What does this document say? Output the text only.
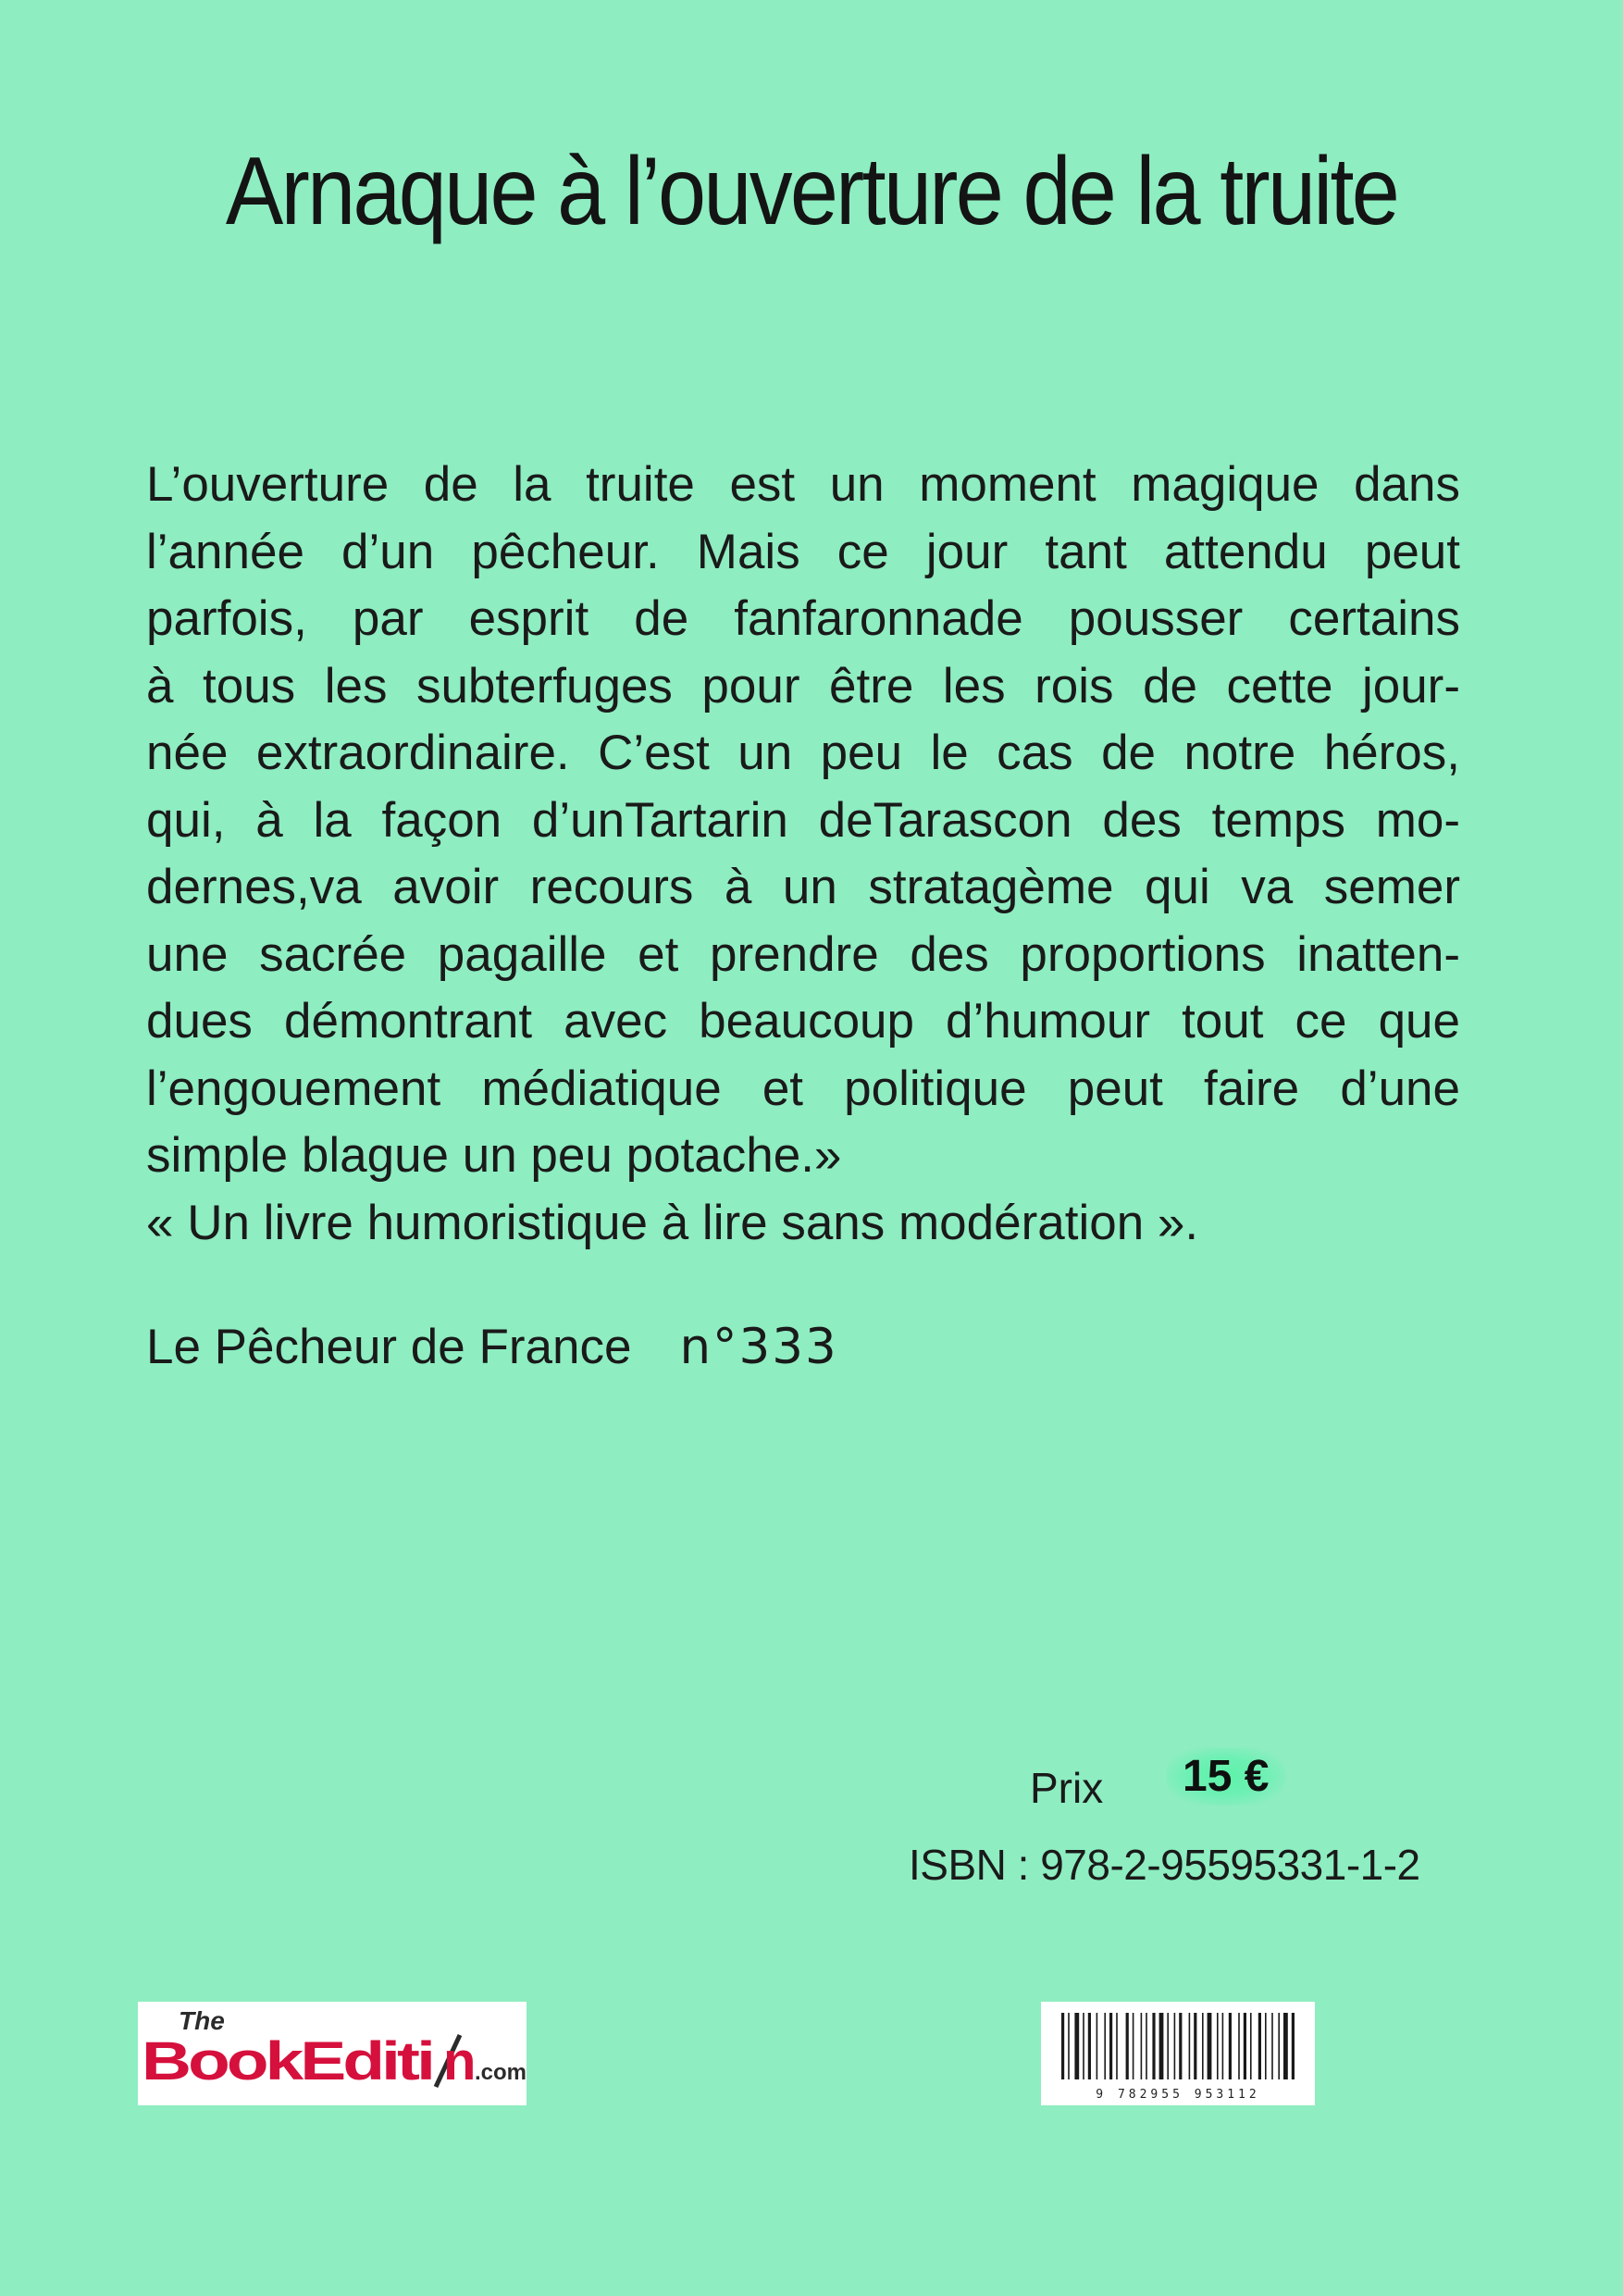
Arnaque à l’ouverture de la truite
L’ouverture de la truite est un moment magique dans
l’année d’un pêcheur. Mais ce jour tant attendu peut
parfois, par esprit de fanfaronnade pousser certains
à tous les subterfuges pour être les rois de cette jour-
née extraordinaire. C’est un peu le cas de notre héros,
qui, à la façon d’unTartarin deTarascon des temps mo-
dernes,va avoir recours à un stratagème qui va semer
une sacrée pagaille et prendre des proportions inatten-
dues démontrant avec beaucoup d’humour tout ce que
l’engouement médiatique et politique peut faire d’une
simple blague un peu potache.»
« Un livre humoristique à lire sans modération ».
Le Pêcheur de France n°333
Prix	15 €
ISBN : 978-2-95595331-1-2
The
BookEditi n
.com
9 782955 953112
